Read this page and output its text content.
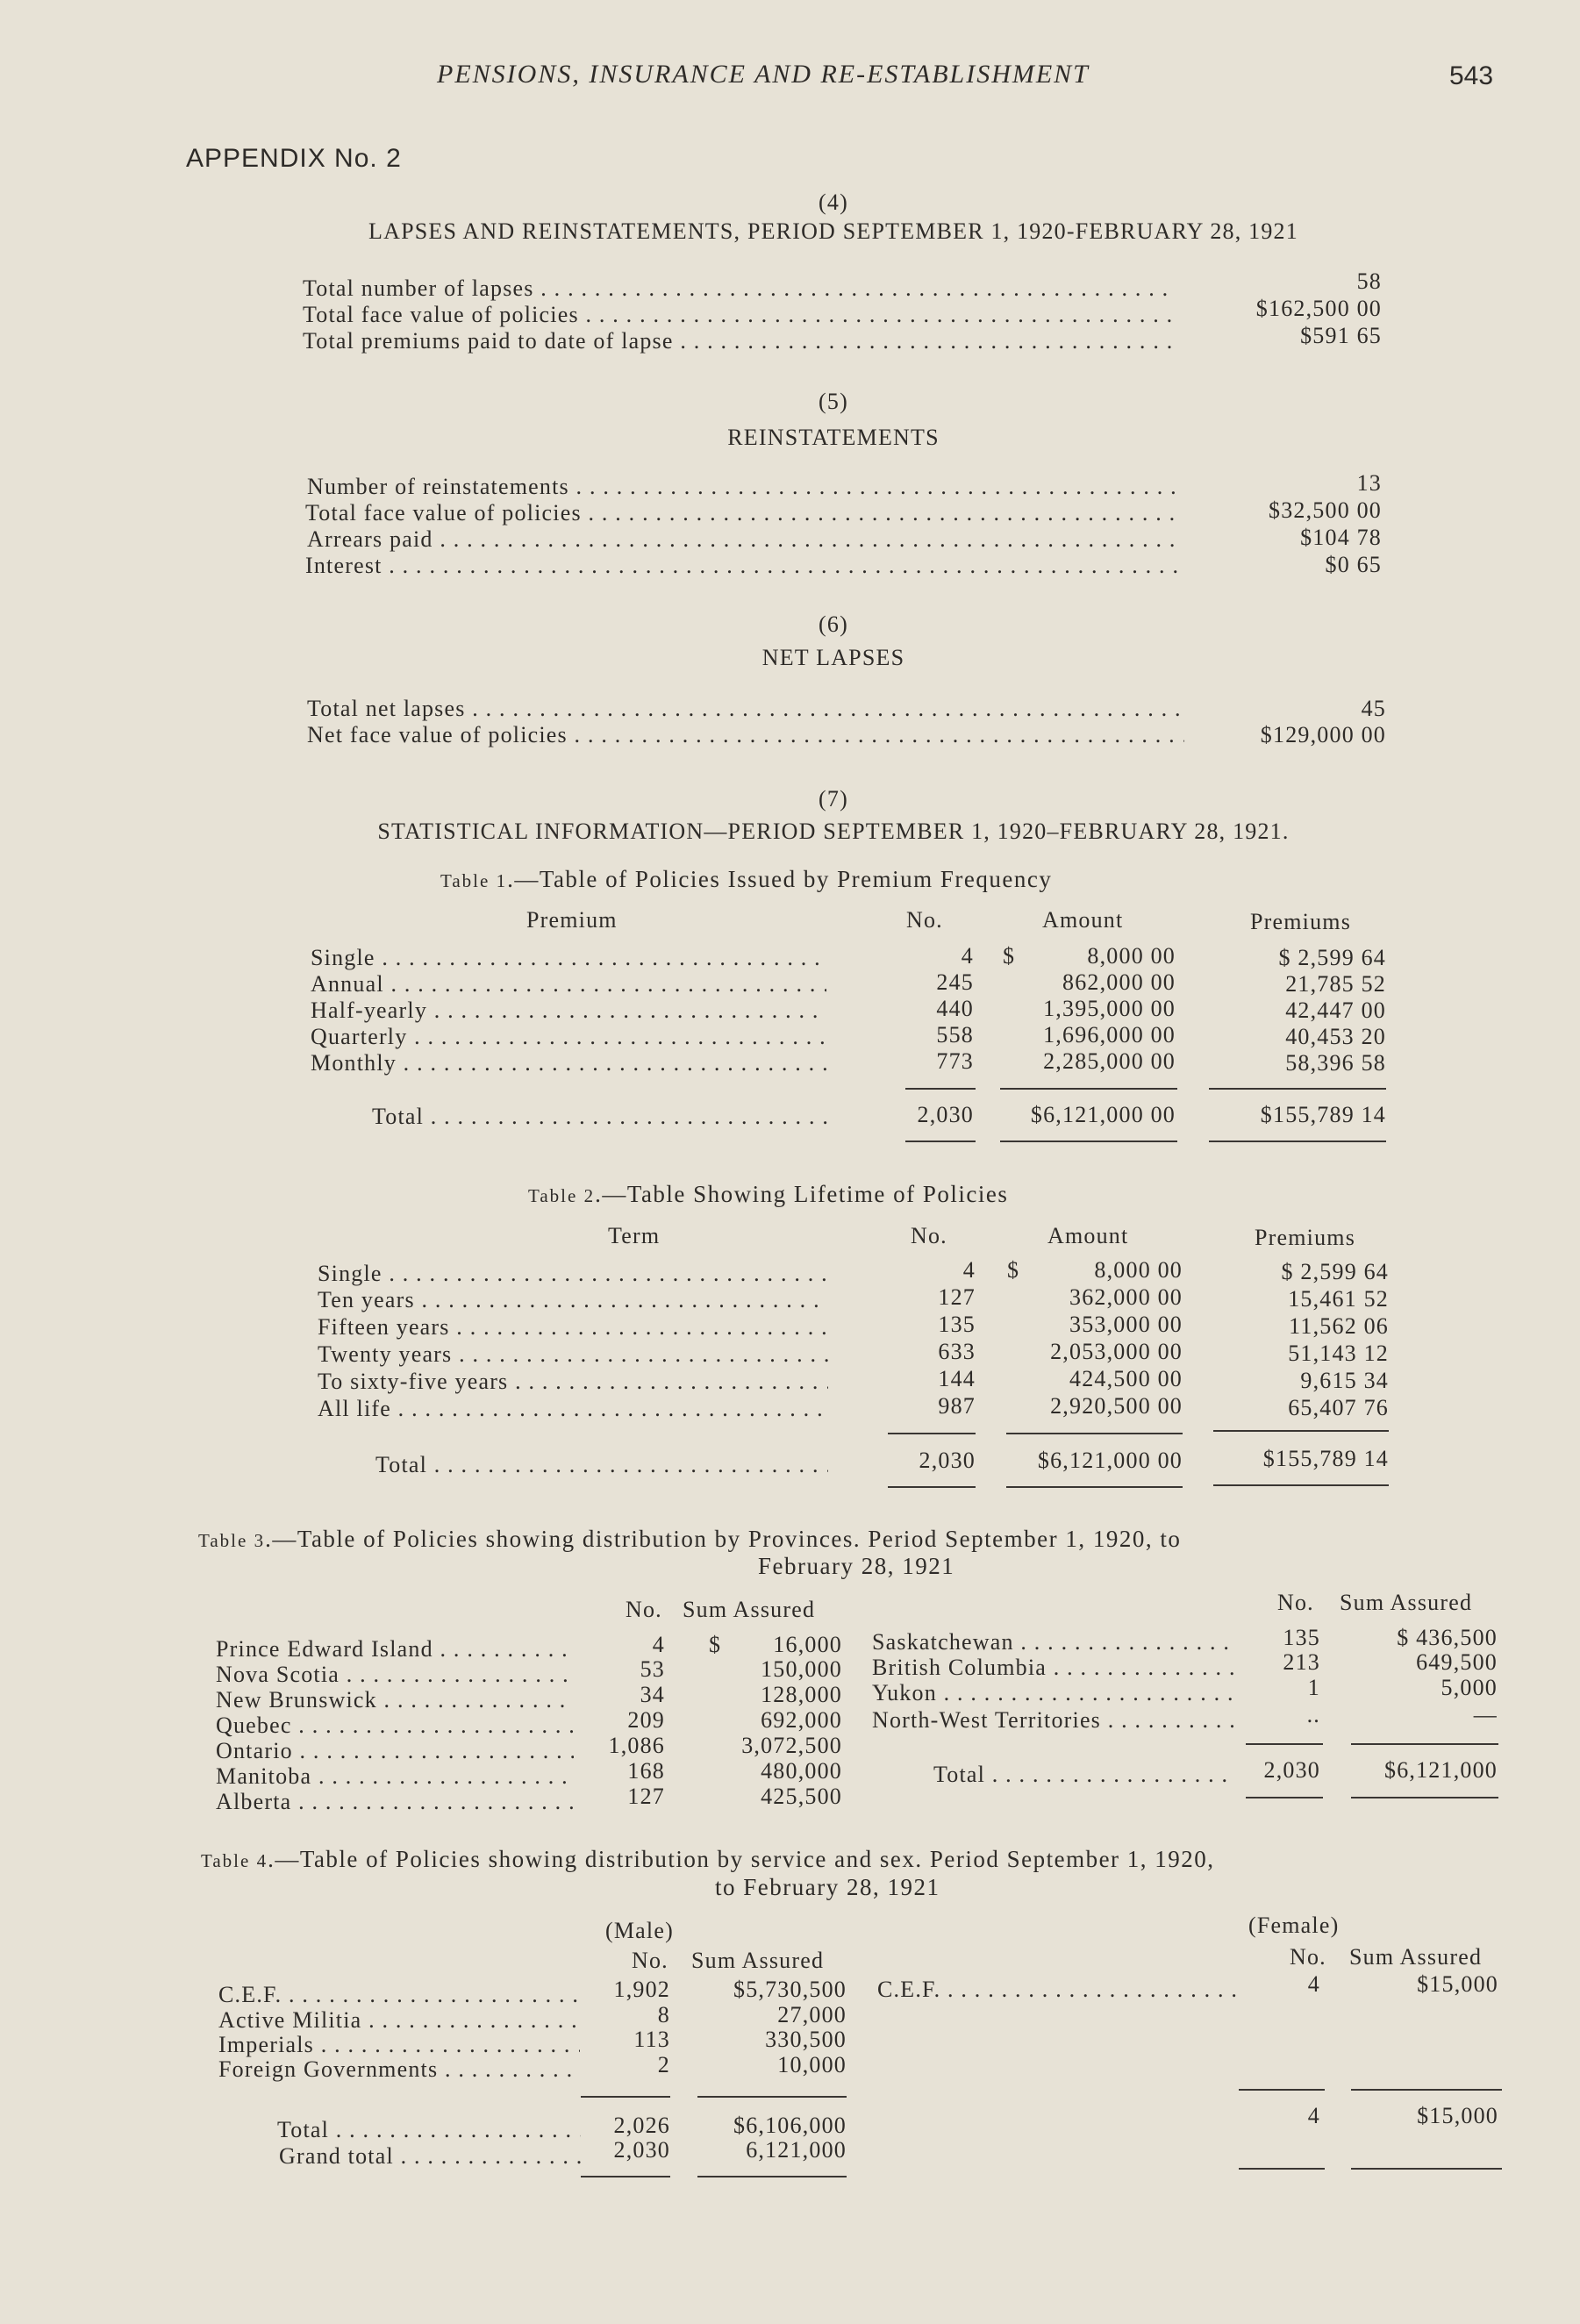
PENSIONS, INSURANCE AND RE-ESTABLISHMENT	543
APPENDIX No. 2
(4)
LAPSES AND REINSTATEMENTS, PERIOD SEPTEMBER 1, 1920-FEBRUARY 28, 1921
Total number of lapses . . .	58
Total face value of policies . . .	$162,500 00
Total premiums paid to date of lapse . . .	$591 65
(5)
REINSTATEMENTS
Number of reinstatements . . .	13
Total face value of policies . . .	$32,500 00
Arrears paid . . .	$104 78
Interest . . .	$0 65
(6)
NET LAPSES
Total net lapses . . .	45
Net face value of policies . . .	$129,000 00
(7)
STATISTICAL INFORMATION—PERIOD SEPTEMBER 1, 1920–FEBRUARY 28, 1921.
Table 1.—Table of Policies Issued by Premium Frequency
Premium	No.	Amount	Premiums
Single . . .	4 $	8,000 00	$ 2,599 64
Annual . . .	245	862,000 00	21,785 52
Half-yearly . . .	440	1,395,000 00	42,447 00
Quarterly . . .	558	1,696,000 00	40,453 20
Monthly . . .	773	2,285,000 00	58,396 58
Total . . .	2,030	$6,121,000 00	$155,789 14
Table 2.—Table Showing Lifetime of Policies
Term	No.	Amount	Premiums
Single . . .	4 $	8,000 00	$ 2,599 64
Ten years . . .	127	362,000 00	15,461 52
Fifteen years . . .	135	353,000 00	11,562 06
Twenty years . . .	633	2,053,000 00	51,143 12
To sixty-five years . . .	144	424,500 00	9,615 34
All life . . .	987	2,920,500 00	65,407 76
Total . . .	2,030	$6,121,000 00	$155,789 14
Table 3.—Table of Policies showing distribution by Provinces. Period September 1, 1920, to
February 28, 1921
No. Sum Assured	No. Sum Assured
Prince Edward Island . . .	4 $	16,000
Nova Scotia . . .	53	150,000
New Brunswick . . .	34	128,000
Quebec . . .	209	692,000
Ontario . . .	1,086	3,072,500
Manitoba . . .	168	480,000
Alberta . . .	127	425,500
Saskatchewan . . .	135	$ 436,500
British Columbia . . .	213	649,500
Yukon . . .	1	5,000
North-West Territories . . .	..	—
Total . . .	2,030	$6,121,000
Table 4.—Table of Policies showing distribution by service and sex. Period September 1, 1920,
to February 28, 1921
(Male)	(Female)
No. Sum Assured	No. Sum Assured
C.E.F. . . .	1,902	$5,730,500
Active Militia . . .	8	27,000
Imperials . . .	113	330,500
Foreign Governments . . .	2	10,000
C.E.F. . . .	4	$15,000
Total . . .	2,026	$6,106,000
Grand total . . .	2,030	6,121,000
4	$15,000
